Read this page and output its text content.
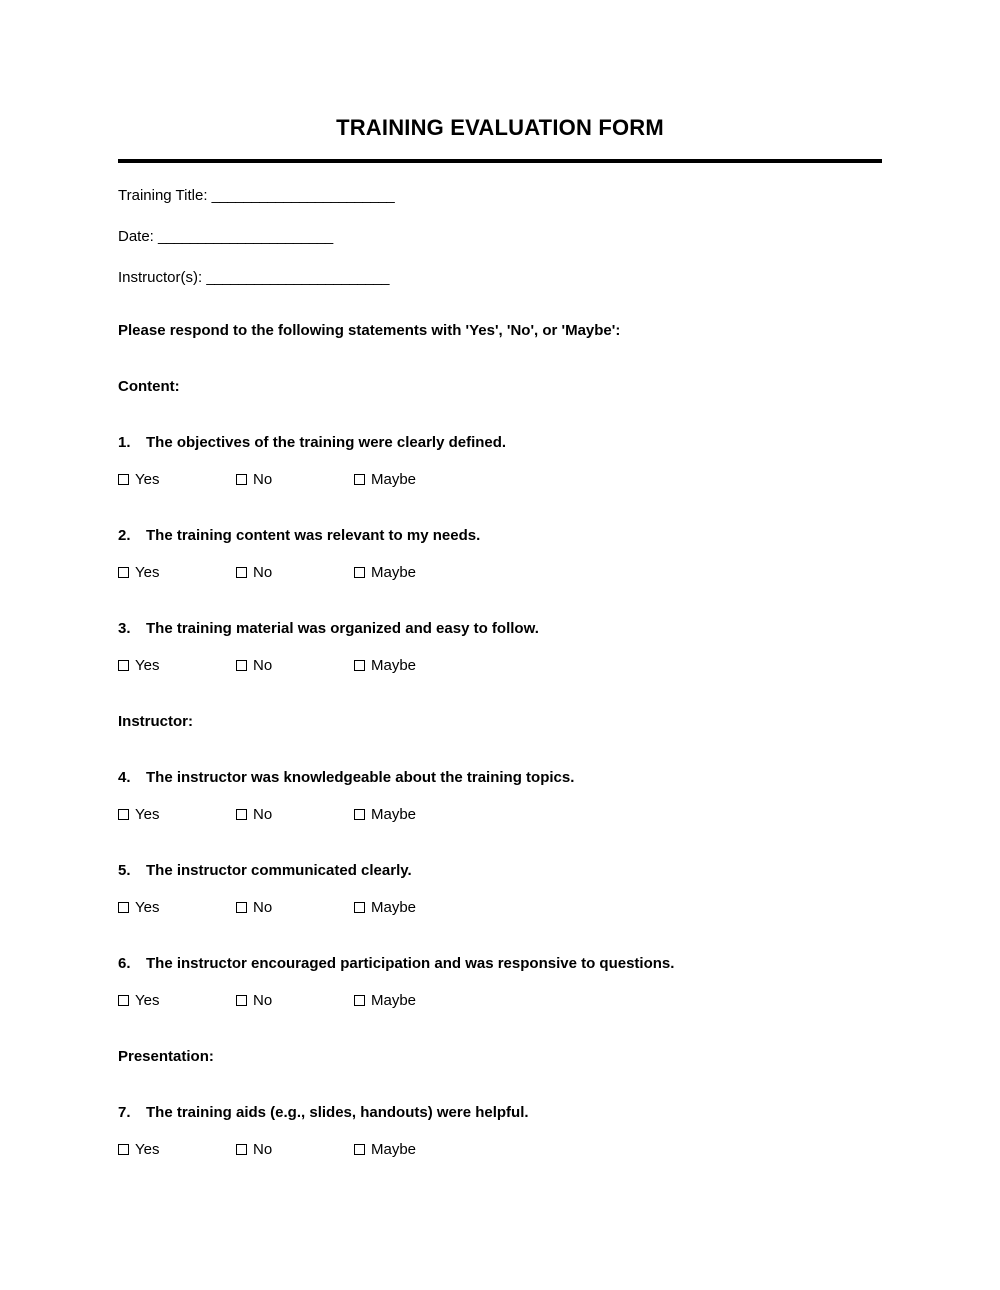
TRAINING EVALUATION FORM
Training Title: _______________________
Date: ______________________
Instructor(s): _______________________
Please respond to the following statements with 'Yes', 'No', or 'Maybe':
Content:
1.	The objectives of the training were clearly defined.
Yes	No	Maybe
2.	The training content was relevant to my needs.
Yes	No	Maybe
3.	The training material was organized and easy to follow.
Yes	No	Maybe
Instructor:
4.	The instructor was knowledgeable about the training topics.
Yes	No	Maybe
5.	The instructor communicated clearly.
Yes	No	Maybe
6.	The instructor encouraged participation and was responsive to questions.
Yes	No	Maybe
Presentation:
7.	The training aids (e.g., slides, handouts) were helpful.
Yes	No	Maybe
